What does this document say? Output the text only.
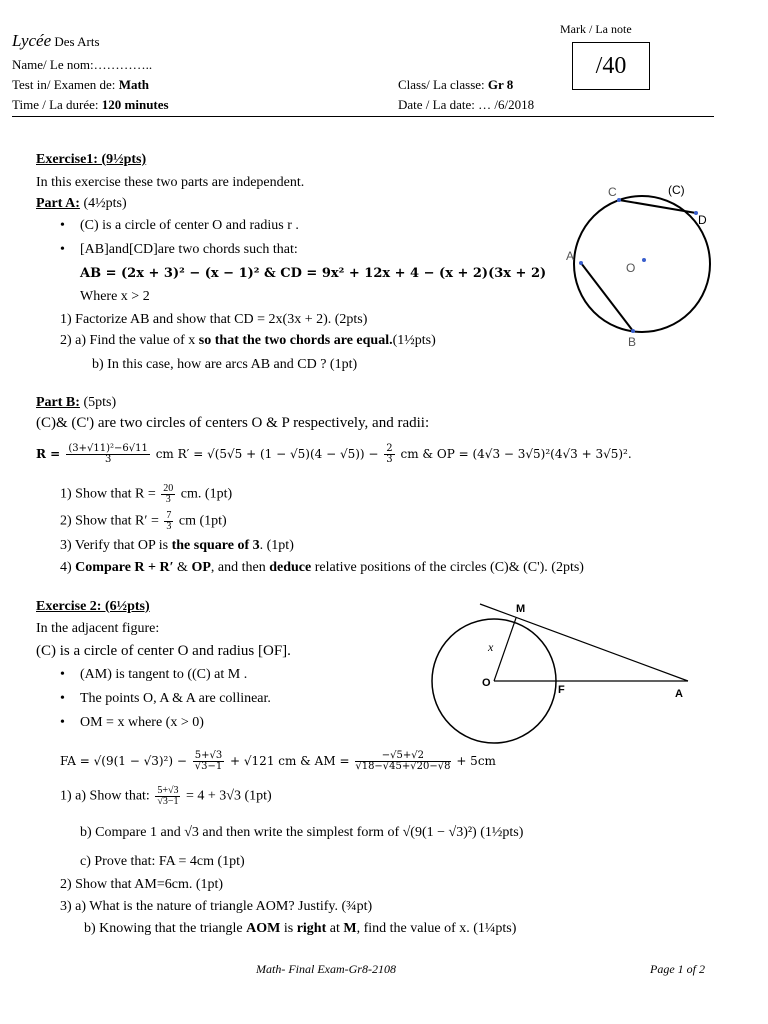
Lycée Des Arts
Mark / La note
/40
Name/ Le nom:…………..
Test in/ Examen de: Math
Time / La durée: 120 minutes
Class/ La classe: Gr 8
Date / La date: … /6/2018
Exercise1: (9½pts)
In this exercise these two parts are independent.
Part A: (4½pts)
• (C) is a circle of center O and radius r .
• [AB]and[CD]are two chords such that:
AB = (2x + 3)² − (x − 1)² & CD = 9x² + 12x + 4 − (x + 2)(3x + 2)
Where x > 2
1) Factorize AB and show that CD = 2x(3x + 2). (2pts)
2) a) Find the value of x so that the two chords are equal.(1½pts)
b) In this case, how are arcs AB and CD ? (1pt)
C	(C)
D
A
O
B
Part B: (5pts)
(C)& (C') are two circles of centers O & P respectively, and radii:
$R = \frac{\text{(3+√11)²−6√11}}{3}$ cm $R' = √(5√5 + (1 - √5)(4 - √5)) - \frac{2}{3}$ cm & OP = (4√3 − 3√5)²(4√3 + 3√5)².
1) Show that $R = \frac{20}{3}$ cm. (1pt)
2) Show that $R' = \frac{7}{3}$ cm (1pt)
3) Verify that OP is the square of 3. (1pt)
4) Compare R + R′ & OP, and then deduce relative positions of the circles (C)& (C'). (2pts)
Exercise 2: (6½pts)
In the adjacent figure:
(C) is a circle of center O and radius [OF].
• (AM) is tangent to ((C) at M .
• The points O, A & A are collinear.
• OM = x where (x > 0)
FA = $√(9(1 - √3)^2) - \frac{5+√3}{√3-1} + √121$ cm & AM = $\frac{-√5+√2}{√18-√45+√20-√8} + 5cm$
1) a) Show that: $\frac{5+√3}{√3-1} = 4 + 3√3$ (1pt)
b) Compare 1 and √3 and then write the simplest form of √(9(1 − √3)²) (1½pts)
c) Prove that: FA = 4cm (1pt)
2) Show that AM=6cm. (1pt)
3) a) What is the nature of triangle AOM? Justify. (¾pt)
b) Knowing that the triangle AOM is right at M, find the value of x. (1¼pts)
M
x
O
F	A
Math- Final Exam-Gr8-2108	Page 1 of 2
